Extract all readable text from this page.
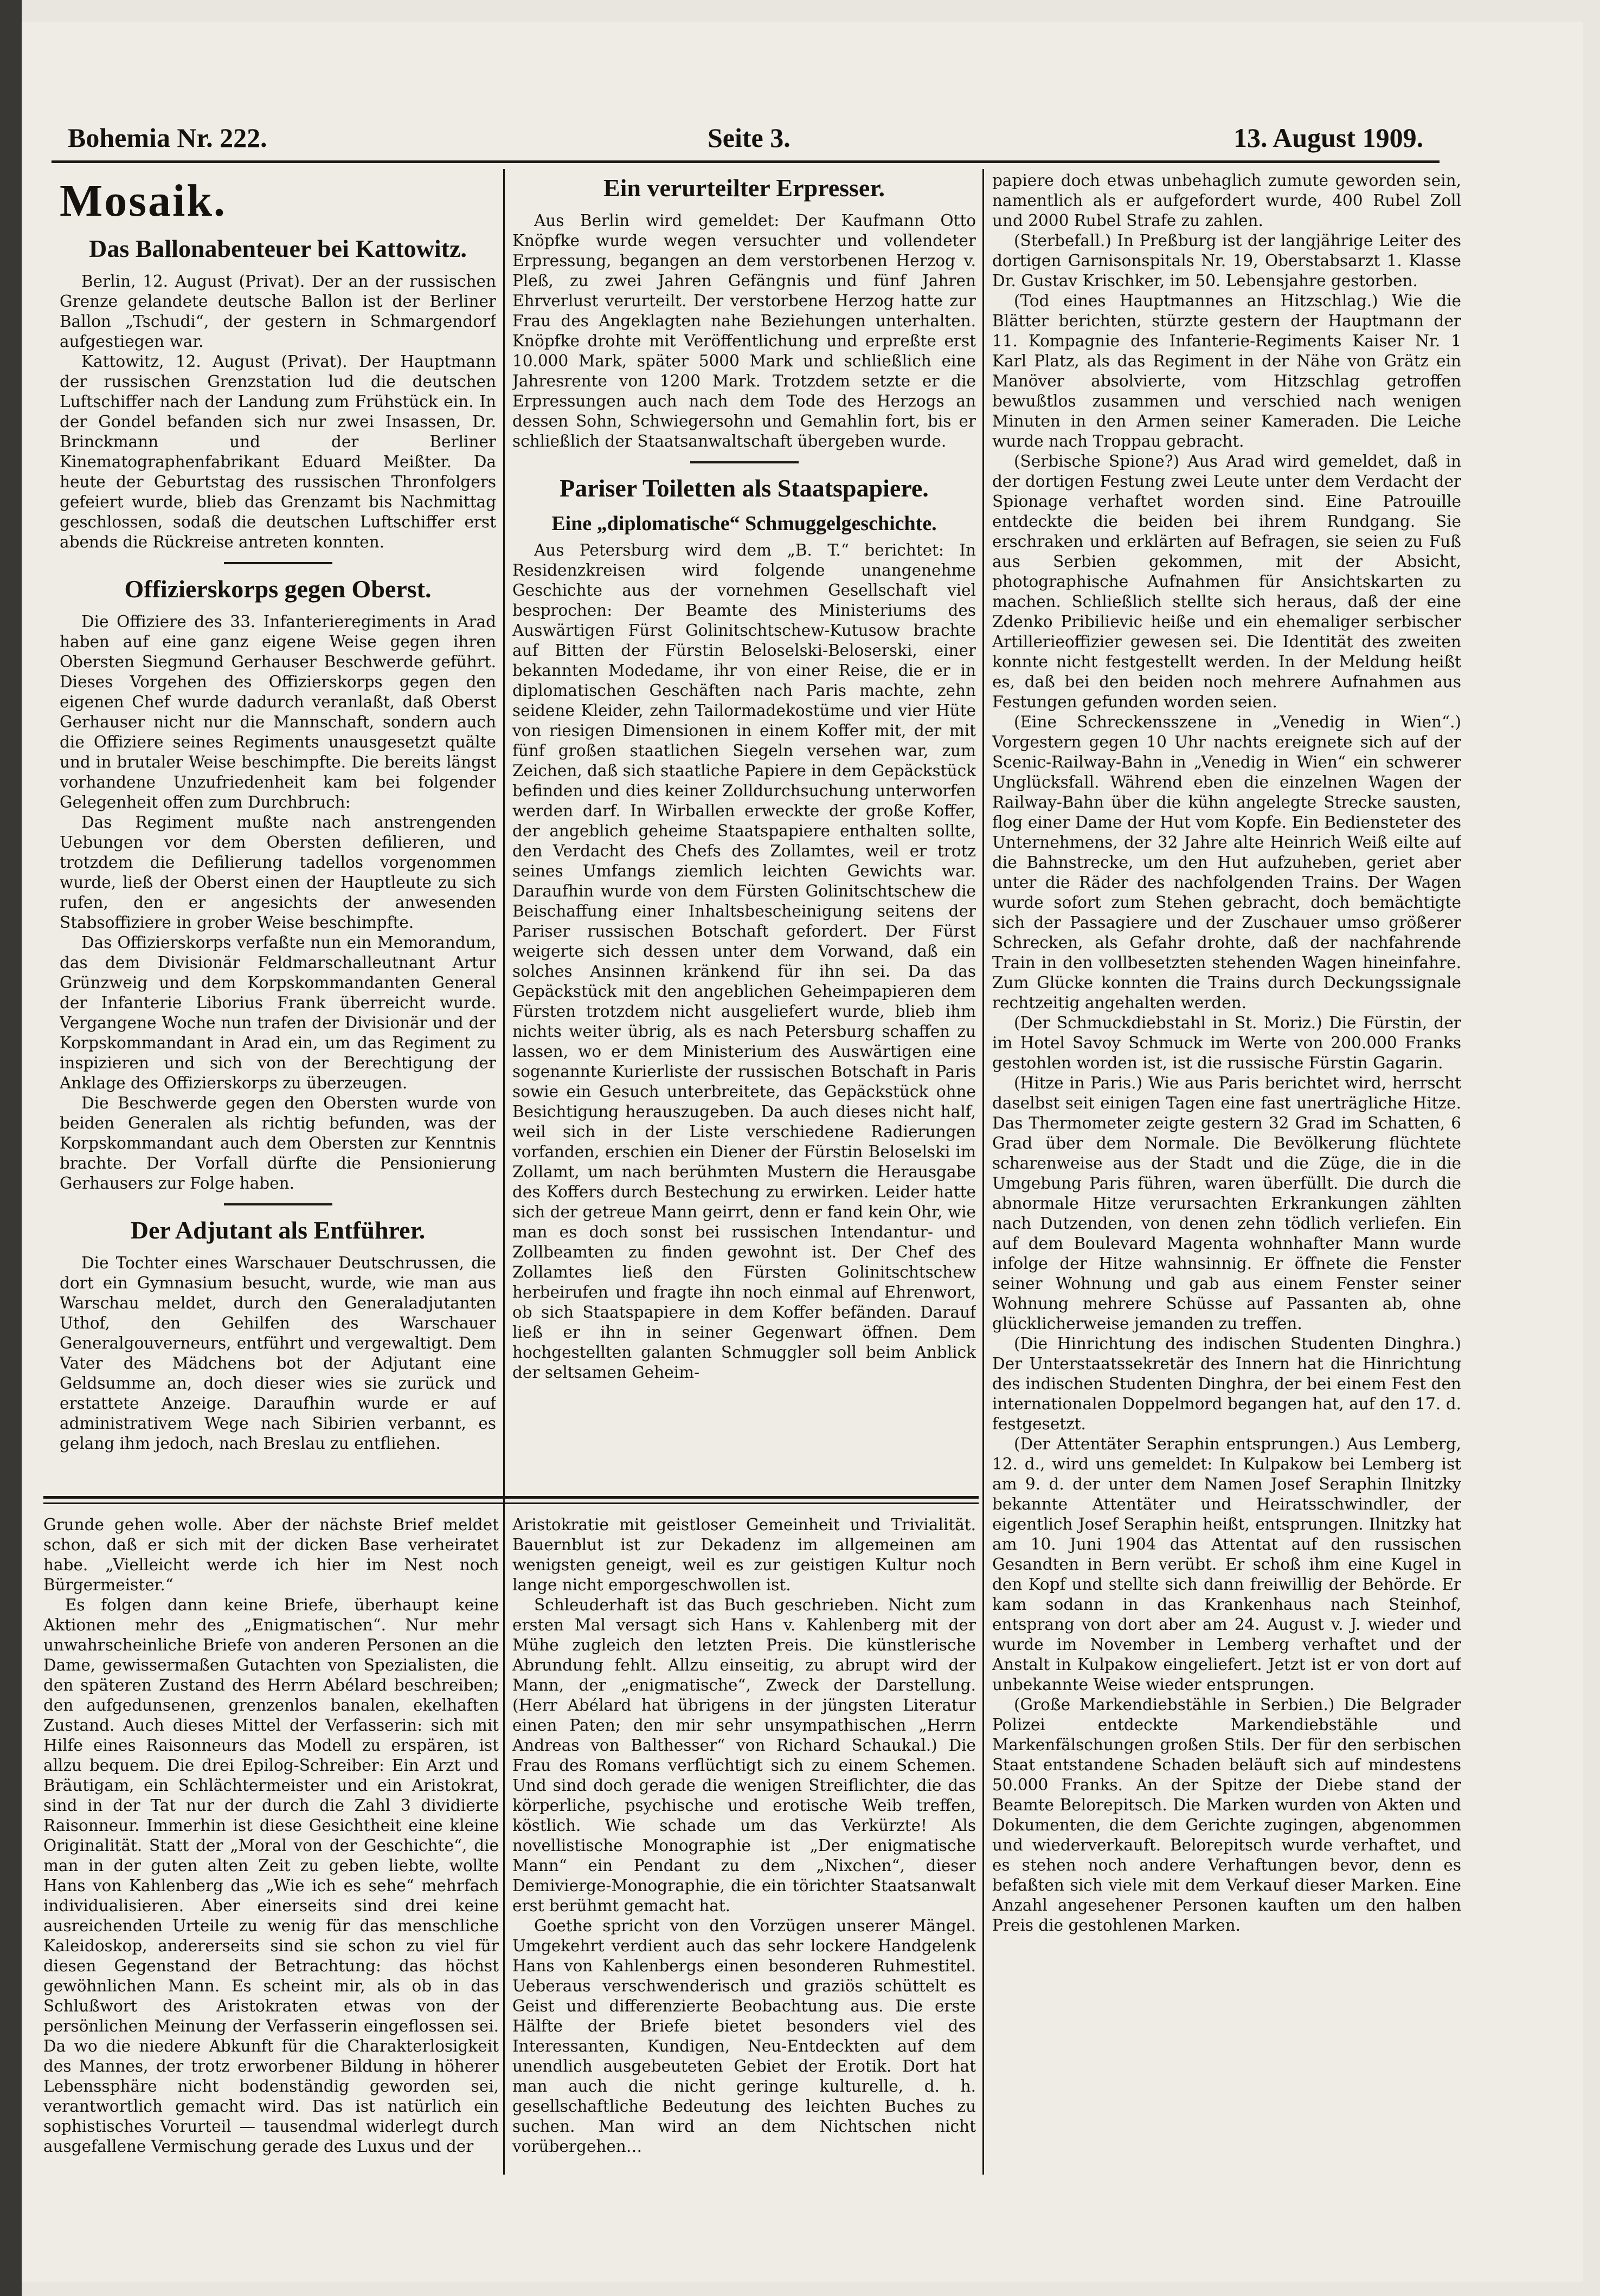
Bohemia Nr. 222.	Seite 3.	13. August 1909.
Mosaik.
Das Ballonabenteuer bei Kattowitz.

Berlin, 12. August (Privat). Der an der russischen Grenze gelandete deutsche Ballon ist der Berliner Ballon „Tschudi“, der gestern in Schmargendorf aufgestiegen war.

Kattowitz, 12. August (Privat). Der Hauptmann der russischen Grenzstation lud die deutschen Luftschiffer nach der Landung zum Frühstück ein. In der Gondel befanden sich nur zwei Insassen, Dr. Brinckmann und der Berliner Kinematographenfabrikant Eduard Meißter. Da heute der Geburtstag des russischen Thronfolgers gefeiert wurde, blieb das Grenzamt bis Nachmittag geschlossen, sodaß die deutschen Luftschiffer erst abends die Rückreise antreten konnten.

Offizierskorps gegen Oberst.

Die Offiziere des 33. Infanterieregiments in Arad haben auf eine ganz eigene Weise gegen ihren Obersten Siegmund Gerhauser Beschwerde geführt. Dieses Vorgehen des Offizierskorps gegen den eigenen Chef wurde dadurch veranlaßt, daß Oberst Gerhauser nicht nur die Mannschaft, sondern auch die Offiziere seines Regiments unausgesetzt quälte und in brutaler Weise beschimpfte. Die bereits längst vorhandene Unzufriedenheit kam bei folgender Gelegenheit offen zum Durchbruch:

Das Regiment mußte nach anstrengenden Uebungen vor dem Obersten defilieren, und trotzdem die Defilierung tadellos vorgenommen wurde, ließ der Oberst einen der Hauptleute zu sich rufen, den er angesichts der anwesenden Stabsoffiziere in grober Weise beschimpfte.

Das Offizierskorps verfaßte nun ein Memorandum, das dem Divisionär Feldmarschalleutnant Artur Grünzweig und dem Korpskommandanten General der Infanterie Liborius Frank überreicht wurde. Vergangene Woche nun trafen der Divisionär und der Korpskommandant in Arad ein, um das Regiment zu inspizieren und sich von der Berechtigung der Anklage des Offizierskorps zu überzeugen.

Die Beschwerde gegen den Obersten wurde von beiden Generalen als richtig befunden, was der Korpskommandant auch dem Obersten zur Kenntnis brachte. Der Vorfall dürfte die Pensionierung Gerhausers zur Folge haben.

Der Adjutant als Entführer.

Die Tochter eines Warschauer Deutschrussen, die dort ein Gymnasium besucht, wurde, wie man aus Warschau meldet, durch den Generaladjutanten Uthof, den Gehilfen des Warschauer Generalgouverneurs, entführt und vergewaltigt. Dem Vater des Mädchens bot der Adjutant eine Geldsumme an, doch dieser wies sie zurück und erstattete Anzeige. Daraufhin wurde er auf administrativem Wege nach Sibirien verbannt, es gelang ihm jedoch, nach Breslau zu entfliehen.

Ein verurteilter Erpresser.

Aus Berlin wird gemeldet: Der Kaufmann Otto Knöpfke wurde wegen versuchter und vollendeter Erpressung, begangen an dem verstorbenen Herzog v. Pleß, zu zwei Jahren Gefängnis und fünf Jahren Ehrverlust verurteilt. Der verstorbene Herzog hatte zur Frau des Angeklagten nahe Beziehungen unterhalten. Knöpfke drohte mit Veröffentlichung und erpreßte erst 10.000 Mark, später 5000 Mark und schließlich eine Jahresrente von 1200 Mark. Trotzdem setzte er die Erpressungen auch nach dem Tode des Herzogs an dessen Sohn, Schwiegersohn und Gemahlin fort, bis er schließlich der Staatsanwaltschaft übergeben wurde.

Pariser Toiletten als Staatspapiere.
Eine „diplomatische“ Schmuggelgeschichte.

Aus Petersburg wird dem „B. T.“ berichtet: In Residenzkreisen wird folgende unangenehme Geschichte aus der vornehmen Gesellschaft viel besprochen: Der Beamte des Ministeriums des Auswärtigen Fürst Golinitschtschew-Kutusow brachte auf Bitten der Fürstin Beloselski-Beloserski, einer bekannten Modedame, ihr von einer Reise, die er in diplomatischen Geschäften nach Paris machte, zehn seidene Kleider, zehn Tailormadekostüme und vier Hüte von riesigen Dimensionen in einem Koffer mit, der mit fünf großen staatlichen Siegeln versehen war, zum Zeichen, daß sich staatliche Papiere in dem Gepäckstück befinden und dies keiner Zolldurchsuchung unterworfen werden darf. In Wirballen erweckte der große Koffer, der angeblich geheime Staatspapiere enthalten sollte, den Verdacht des Chefs des Zollamtes, weil er trotz seines Umfangs ziemlich leichten Gewichts war. Daraufhin wurde von dem Fürsten Golinitschtschew die Beischaffung einer Inhaltsbescheinigung seitens der Pariser russischen Botschaft gefordert. Der Fürst weigerte sich dessen unter dem Vorwand, daß ein solches Ansinnen kränkend für ihn sei. Da das Gepäckstück mit den angeblichen Geheimpapieren dem Fürsten trotzdem nicht ausgeliefert wurde, blieb ihm nichts weiter übrig, als es nach Petersburg schaffen zu lassen, wo er dem Ministerium des Auswärtigen eine sogenannte Kurierliste der russischen Botschaft in Paris sowie ein Gesuch unterbreitete, das Gepäckstück ohne Besichtigung herauszugeben. Da auch dieses nicht half, weil sich in der Liste verschiedene Radierungen vorfanden, erschien ein Diener der Fürstin Beloselski im Zollamt, um nach berühmten Mustern die Herausgabe des Koffers durch Bestechung zu erwirken. Leider hatte sich der getreue Mann geirrt, denn er fand kein Ohr, wie man es doch sonst bei russischen Intendantur- und Zollbeamten zu finden gewohnt ist. Der Chef des Zollamtes ließ den Fürsten Golinitschtschew herbeirufen und fragte ihn noch einmal auf Ehrenwort, ob sich Staatspapiere in dem Koffer befänden. Darauf ließ er ihn in seiner Gegenwart öffnen. Dem hochgestellten galanten Schmuggler soll beim Anblick der seltsamen Geheim-

papiere doch etwas unbehaglich zumute geworden sein, namentlich als er aufgefordert wurde, 400 Rubel Zoll und 2000 Rubel Strafe zu zahlen.

(Sterbefall.) In Preßburg ist der langjährige Leiter des dortigen Garnisonspitals Nr. 19, Oberstabsarzt 1. Klasse Dr. Gustav Krischker, im 50. Lebensjahre gestorben.

(Tod eines Hauptmannes an Hitzschlag.) Wie die Blätter berichten, stürzte gestern der Hauptmann der 11. Kompagnie des Infanterie-Regiments Kaiser Nr. 1 Karl Platz, als das Regiment in der Nähe von Grätz ein Manöver absolvierte, vom Hitzschlag getroffen bewußtlos zusammen und verschied nach wenigen Minuten in den Armen seiner Kameraden. Die Leiche wurde nach Troppau gebracht.

(Serbische Spione?) Aus Arad wird gemeldet, daß in der dortigen Festung zwei Leute unter dem Verdacht der Spionage verhaftet worden sind. Eine Patrouille entdeckte die beiden bei ihrem Rundgang. Sie erschraken und erklärten auf Befragen, sie seien zu Fuß aus Serbien gekommen, mit der Absicht, photographische Aufnahmen für Ansichtskarten zu machen. Schließlich stellte sich heraus, daß der eine Zdenko Pribilievic heiße und ein ehemaliger serbischer Artillerieoffizier gewesen sei. Die Identität des zweiten konnte nicht festgestellt werden. In der Meldung heißt es, daß bei den beiden noch mehrere Aufnahmen aus Festungen gefunden worden seien.

(Eine Schreckensszene in „Venedig in Wien“.) Vorgestern gegen 10 Uhr nachts ereignete sich auf der Scenic-Railway-Bahn in „Venedig in Wien“ ein schwerer Unglücksfall. Während eben die einzelnen Wagen der Railway-Bahn über die kühn angelegte Strecke sausten, flog einer Dame der Hut vom Kopfe. Ein Bediensteter des Unternehmens, der 32 Jahre alte Heinrich Weiß eilte auf die Bahnstrecke, um den Hut aufzuheben, geriet aber unter die Räder des nachfolgenden Trains. Der Wagen wurde sofort zum Stehen gebracht, doch bemächtigte sich der Passagiere und der Zuschauer umso größerer Schrecken, als Gefahr drohte, daß der nachfahrende Train in den vollbesetzten stehenden Wagen hineinfahre. Zum Glücke konnten die Trains durch Deckungssignale rechtzeitig angehalten werden.

(Der Schmuckdiebstahl in St. Moriz.) Die Fürstin, der im Hotel Savoy Schmuck im Werte von 200.000 Franks gestohlen worden ist, ist die russische Fürstin Gagarin.

(Hitze in Paris.) Wie aus Paris berichtet wird, herrscht daselbst seit einigen Tagen eine fast unerträgliche Hitze. Das Thermometer zeigte gestern 32 Grad im Schatten, 6 Grad über dem Normale. Die Bevölkerung flüchtete scharenweise aus der Stadt und die Züge, die in die Umgebung Paris führen, waren überfüllt. Die durch die abnormale Hitze verursachten Erkrankungen zählten nach Dutzenden, von denen zehn tödlich verliefen. Ein auf dem Boulevard Magenta wohnhafter Mann wurde infolge der Hitze wahnsinnig. Er öffnete die Fenster seiner Wohnung und gab aus einem Fenster seiner Wohnung mehrere Schüsse auf Passanten ab, ohne glücklicherweise jemanden zu treffen.

(Die Hinrichtung des indischen Studenten Dinghra.) Der Unterstaatssekretär des Innern hat die Hinrichtung des indischen Studenten Dinghra, der bei einem Fest den internationalen Doppelmord begangen hat, auf den 17. d. festgesetzt.

(Der Attentäter Seraphin entsprungen.) Aus Lemberg, 12. d., wird uns gemeldet: In Kulpakow bei Lemberg ist am 9. d. der unter dem Namen Josef Seraphin Ilnitzky bekannte Attentäter und Heiratsschwindler, der eigentlich Josef Seraphin heißt, entsprungen. Ilnitzky hat am 10. Juni 1904 das Attentat auf den russischen Gesandten in Bern verübt. Er schoß ihm eine Kugel in den Kopf und stellte sich dann freiwillig der Behörde. Er kam sodann in das Krankenhaus nach Steinhof, entsprang von dort aber am 24. August v. J. wieder und wurde im November in Lemberg verhaftet und der Anstalt in Kulpakow eingeliefert. Jetzt ist er von dort auf unbekannte Weise wieder entsprungen.

(Große Markendiebstähle in Serbien.) Die Belgrader Polizei entdeckte Markendiebstähle und Markenfälschungen großen Stils. Der für den serbischen Staat entstandene Schaden beläuft sich auf mindestens 50.000 Franks. An der Spitze der Diebe stand der Beamte Belorepitsch. Die Marken wurden von Akten und Dokumenten, die dem Gerichte zugingen, abgenommen und wiederverkauft. Belorepitsch wurde verhaftet, und es stehen noch andere Verhaftungen bevor, denn es befaßten sich viele mit dem Verkauf dieser Marken. Eine Anzahl angesehener Personen kauften um den halben Preis die gestohlenen Marken.

Grunde gehen wolle. Aber der nächste Brief meldet schon, daß er sich mit der dicken Base verheiratet habe. „Vielleicht werde ich hier im Nest noch Bürgermeister.“

Es folgen dann keine Briefe, überhaupt keine Aktionen mehr des „Enigmatischen“. Nur mehr unwahrscheinliche Briefe von anderen Personen an die Dame, gewissermaßen Gutachten von Spezialisten, die den späteren Zustand des Herrn Abélard beschreiben; den aufgedunsenen, grenzenlos banalen, ekelhaften Zustand. Auch dieses Mittel der Verfasserin: sich mit Hilfe eines Raisonneurs das Modell zu erspären, ist allzu bequem. Die drei Epilog-Schreiber: Ein Arzt und Bräutigam, ein Schlächtermeister und ein Aristokrat, sind in der Tat nur der durch die Zahl 3 dividierte Raisonneur. Immerhin ist diese Gesichtheit eine kleine Originalität. Statt der „Moral von der Geschichte“, die man in der guten alten Zeit zu geben liebte, wollte Hans von Kahlenberg das „Wie ich es sehe“ mehrfach individualisieren. Aber einerseits sind drei keine ausreichenden Urteile zu wenig für das menschliche Kaleidoskop, andererseits sind sie schon zu viel für diesen Gegenstand der Betrachtung: das höchst gewöhnlichen Mann. Es scheint mir, als ob in das Schlußwort des Aristokraten etwas von der persönlichen Meinung der Verfasserin eingeflossen sei. Da wo die niedere Abkunft für die Charakterlosigkeit des Mannes, der trotz erworbener Bildung in höherer Lebenssphäre nicht bodenständig geworden sei, verantwortlich gemacht wird. Das ist natürlich ein sophistisches Vorurteil — tausendmal widerlegt durch ausgefallene Vermischung gerade des Luxus und der

Aristokratie mit geistloser Gemeinheit und Trivialität. Bauernblut ist zur Dekadenz im allgemeinen am wenigsten geneigt, weil es zur geistigen Kultur noch lange nicht emporgeschwollen ist.

Schleuderhaft ist das Buch geschrieben. Nicht zum ersten Mal versagt sich Hans v. Kahlenberg mit der Mühe zugleich den letzten Preis. Die künstlerische Abrundung fehlt. Allzu einseitig, zu abrupt wird der Mann, der „enigmatische“, Zweck der Darstellung. (Herr Abélard hat übrigens in der jüngsten Literatur einen Paten; den mir sehr unsympathischen „Herrn Andreas von Balthesser“ von Richard Schaukal.) Die Frau des Romans verflüchtigt sich zu einem Schemen. Und sind doch gerade die wenigen Streiflichter, die das körperliche, psychische und erotische Weib treffen, köstlich. Wie schade um das Verkürzte! Als novellistische Monographie ist „Der enigmatische Mann“ ein Pendant zu dem „Nixchen“, dieser Demivierge-Monographie, die ein törichter Staatsanwalt erst berühmt gemacht hat.

Goethe spricht von den Vorzügen unserer Mängel. Umgekehrt verdient auch das sehr lockere Handgelenk Hans von Kahlenbergs einen besonderen Ruhmestitel. Ueberaus verschwenderisch und graziös schüttelt es Geist und differenzierte Beobachtung aus. Die erste Hälfte der Briefe bietet besonders viel des Interessanten, Kundigen, Neu-Entdeckten auf dem unendlich ausgebeuteten Gebiet der Erotik. Dort hat man auch die nicht geringe kulturelle, d. h. gesellschaftliche Bedeutung des leichten Buches zu suchen. Man wird an dem Nichtschen nicht vorübergehen…
